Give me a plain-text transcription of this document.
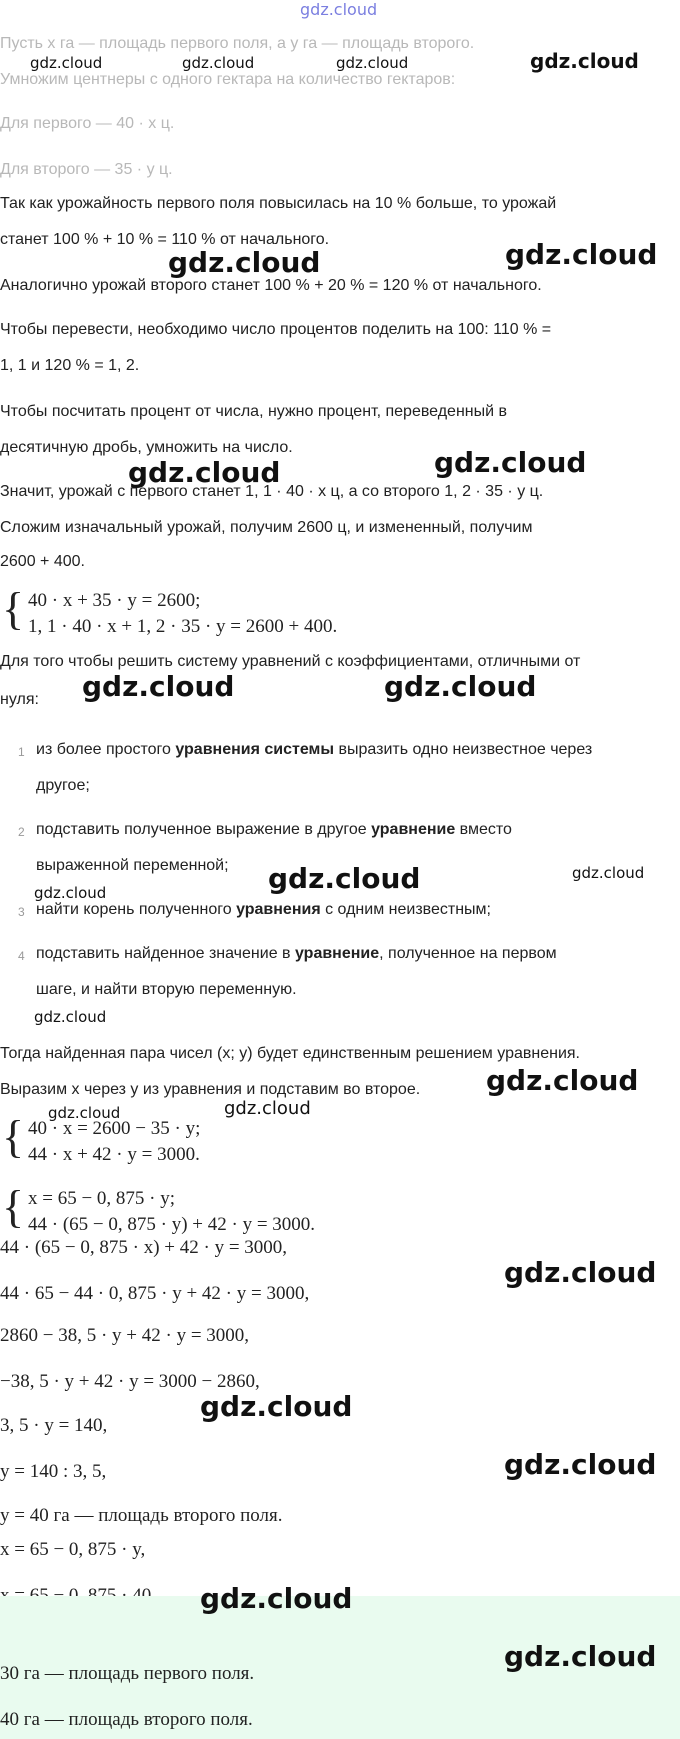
gdz.cloud
Пусть x га — площадь первого поля, а y га — площадь второго.
Умножим центнеры с одного гектара на количество гектаров:
Для первого — 40 · x ц.
Для второго — 35 · y ц.
Так как урожайность первого поля повысилась на 10 % больше, то урожай
станет 100 % + 10 % = 110 % от начального.
Аналогично урожай второго станет 100 % + 20 % = 120 % от начального.
Чтобы перевести, необходимо число процентов поделить на 100: 110 % =
1, 1 и 120 % = 1, 2.
Чтобы посчитать процент от числа, нужно процент, переведенный в
десятичную дробь, умножить на число.
Значит, урожай с первого станет 1, 1 · 40 · x ц, а со второго 1, 2 · 35 · y ц.
Сложим изначальный урожай, получим 2600 ц, и измененный, получим
2600 + 400.
{ 40 · x + 35 · y = 2600;
1, 1 · 40 · x + 1, 2 · 35 · y = 2600 + 400.
Для того чтобы решить систему уравнений с коэффициентами, отличными от
нуля:
1 из более простого уравнения системы выразить одно неизвестное через
другое;
2 подставить полученное выражение в другое уравнение вместо
выраженной переменной;
3 найти корень полученного уравнения с одним неизвестным;
4 подставить найденное значение в уравнение, полученное на первом
шаге, и найти вторую переменную.
Тогда найденная пара чисел (x; y) будет единственным решением уравнения.
Выразим x через y из уравнения и подставим во второе.
{ 40 · x = 2600 − 35 · y;
44 · x + 42 · y = 3000.
{ x = 65 − 0, 875 · y;
44 · (65 − 0, 875 · y) + 42 · y = 3000.
44 · (65 − 0, 875 · x) + 42 · y = 3000,
44 · 65 − 44 · 0, 875 · y + 42 · y = 3000,
2860 − 38, 5 · y + 42 · y = 3000,
−38, 5 · y + 42 · y = 3000 − 2860,
3, 5 · y = 140,
y = 140 : 3, 5,
y = 40 га — площадь второго поля.
x = 65 − 0, 875 · y,
30 га — площадь первого поля.
40 га — площадь второго поля.
gdz.cloud	gdz.cloud	gdz.cloud	gdz.cloud
gdz.cloud	gdz.cloud
gdz.cloud
gdz.cloud
gdz.cloud	gdz.cloud
gdz.cloud	gdz.cloud
gdz.cloud
gdz.cloud
gdz.cloud
gdz.cloud	gdz.cloud
gdz.cloud
gdz.cloud
gdz.cloud
gdz.cloud
gdz.cloud
